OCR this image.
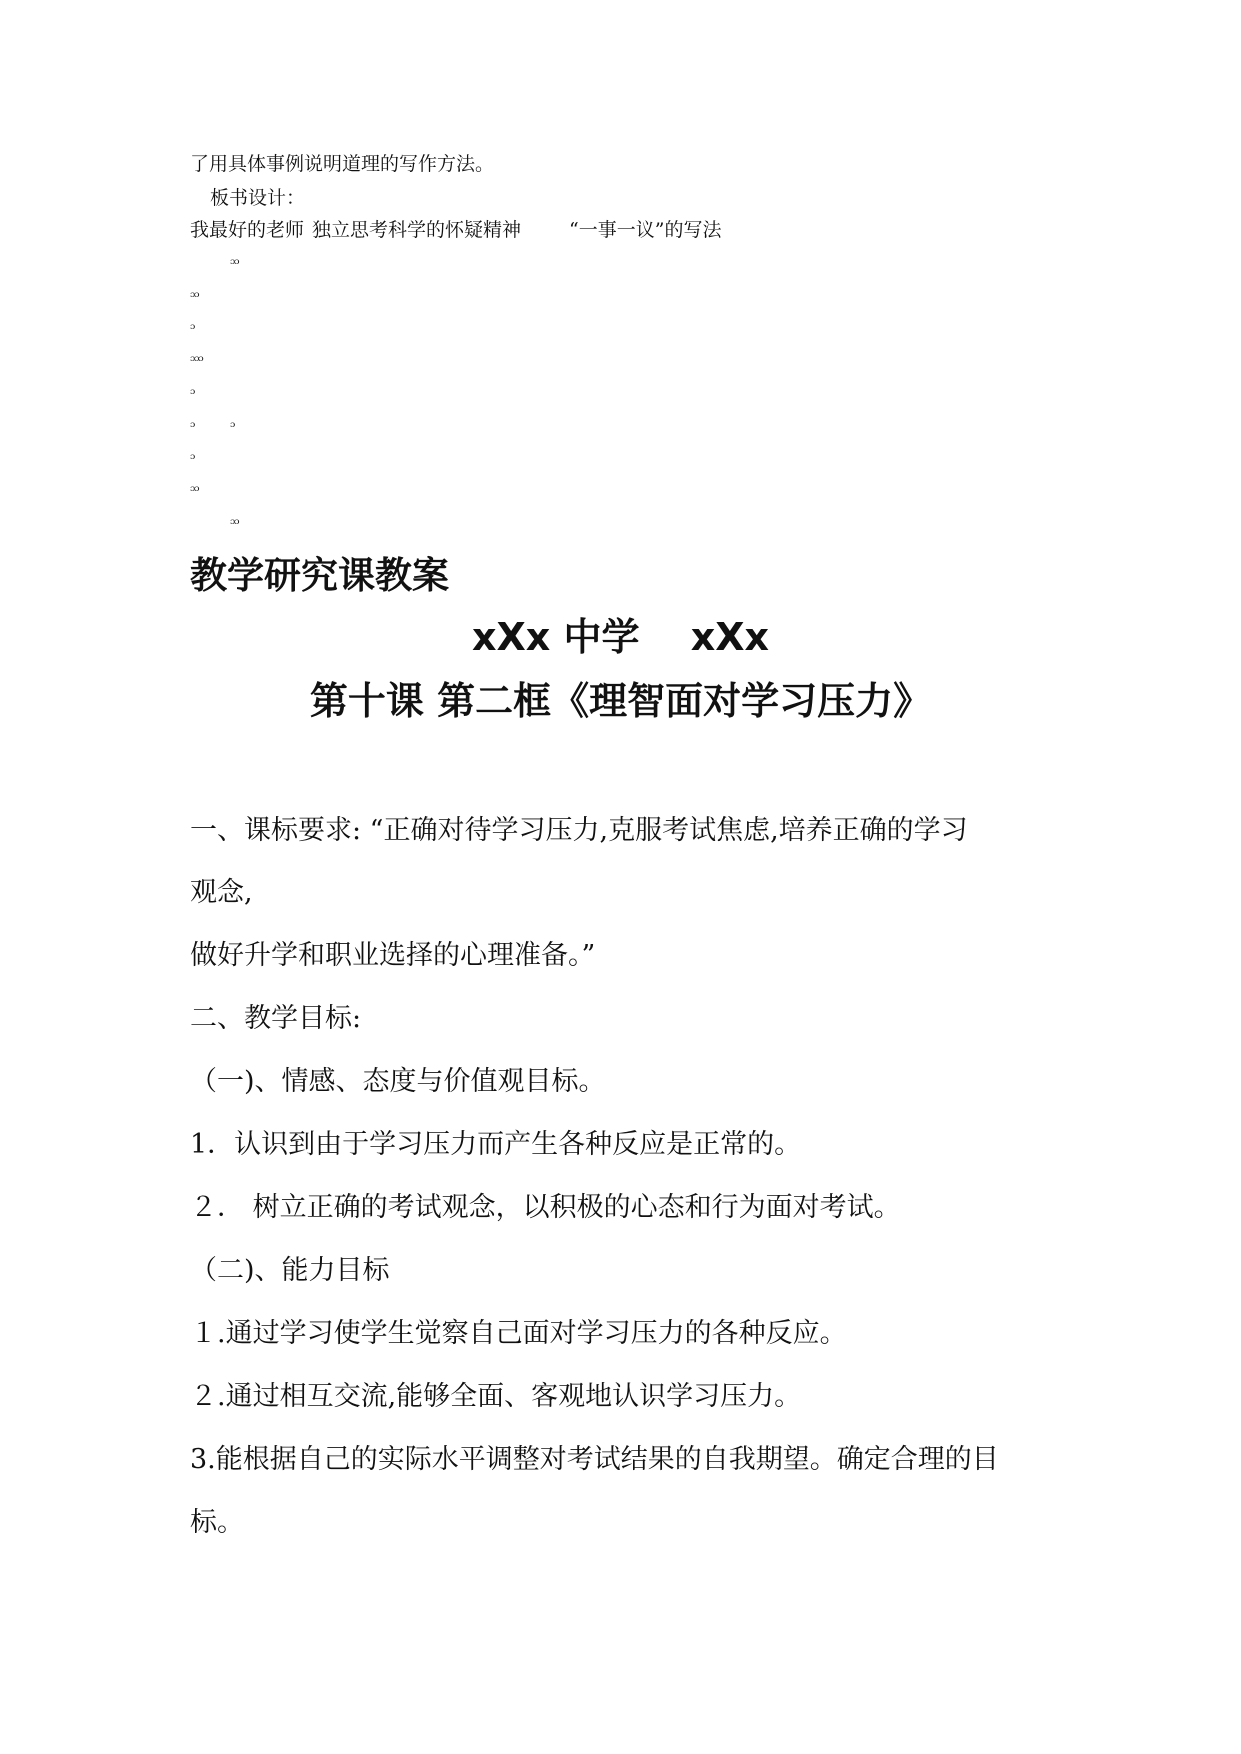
了用具体事例说明道理的写作方法。
板书设计：
我最好的老师 独立思考科学的怀疑精神	“一事一议”的写法
ᵓᵓ
ᵓᵓ
ᵓ
ᵓᵓᵓ
ᵓ
ᵓ ᵓ
ᵓ
ᵓᵓ
ᵓᵓ
教学研究课教案
xXx 中学　 xXx
第十课 第二框《理智面对学习压力》
一、课标要求: “正确对待学习压力,克服考试焦虑,培养正确的学习
观念,
做好升学和职业选择的心理准备。”
二、教学目标:
（一)、情感、态度与价值观目标。
1．认识到由于学习压力而产生各种反应是正常的。
２． 树立正确的考试观念，以积极的心态和行为面对考试。
（二)、能力目标
１.通过学习使学生觉察自己面对学习压力的各种反应。
２.通过相互交流,能够全面、客观地认识学习压力。
3.能根据自己的实际水平调整对考试结果的自我期望。确定合理的目
标。
